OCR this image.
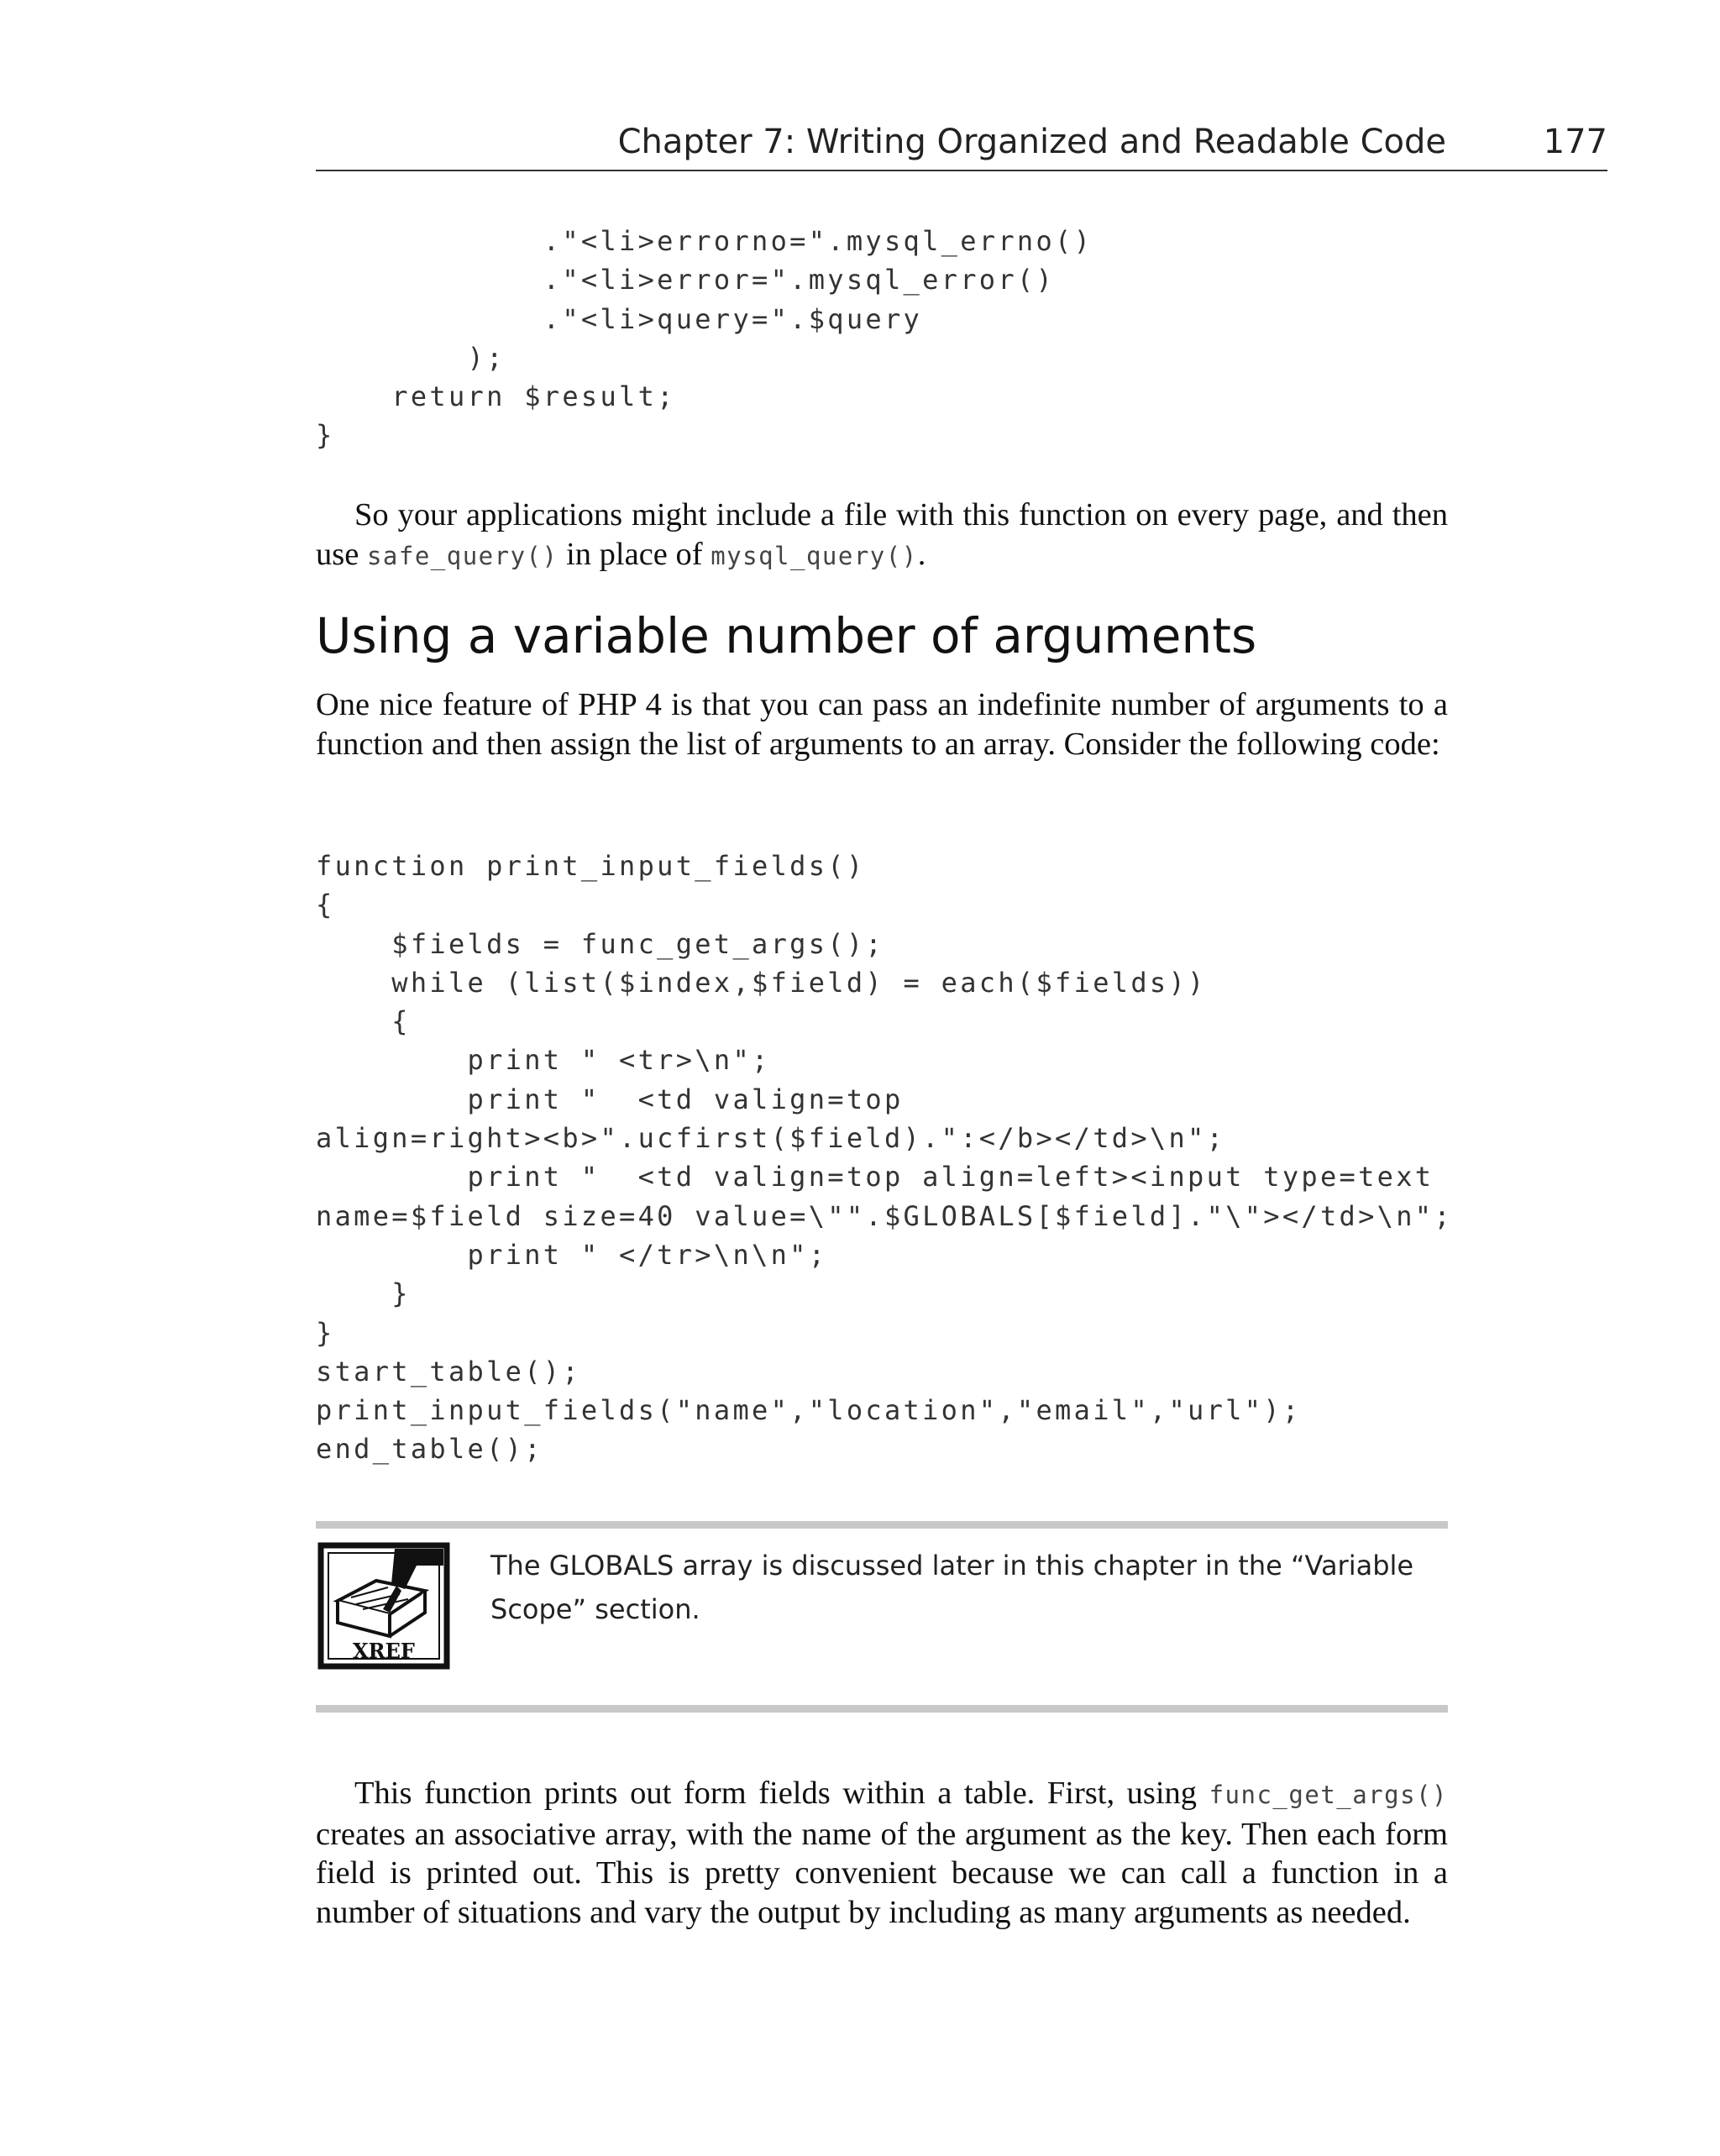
Chapter 7: Writing Organized and Readable Code	177
."<li>errorno=".mysql_errno()
."<li>error=".mysql_error()
."<li>query=".$query
);
return $result;
}

So your applications might include a file with this function on every page, and then use safe_query() in place of mysql_query().

Using a variable number of arguments

One nice feature of PHP 4 is that you can pass an indefinite number of arguments to a function and then assign the list of arguments to an array. Consider the following code:

function print_input_fields()
{
$fields = func_get_args();
while (list($index,$field) = each($fields))
{
print " <tr>\n";
print "  <td valign=top
align=right><b>".ucfirst($field).":</b></td>\n";
print "  <td valign=top align=left><input type=text
name=$field size=40 value=\"".$GLOBALS[$field]."\"></td>\n";
print " </tr>\n\n";
}
}
start_table();
print_input_fields("name","location","email","url");
end_table();
XREF

The GLOBALS array is discussed later in this chapter in the “Variable Scope” section.

This function prints out form fields within a table. First, using func_get_args() creates an associative array, with the name of the argument as the key. Then each form field is printed out. This is pretty convenient because we can call a function in a number of situations and vary the output by including as many arguments as needed.
